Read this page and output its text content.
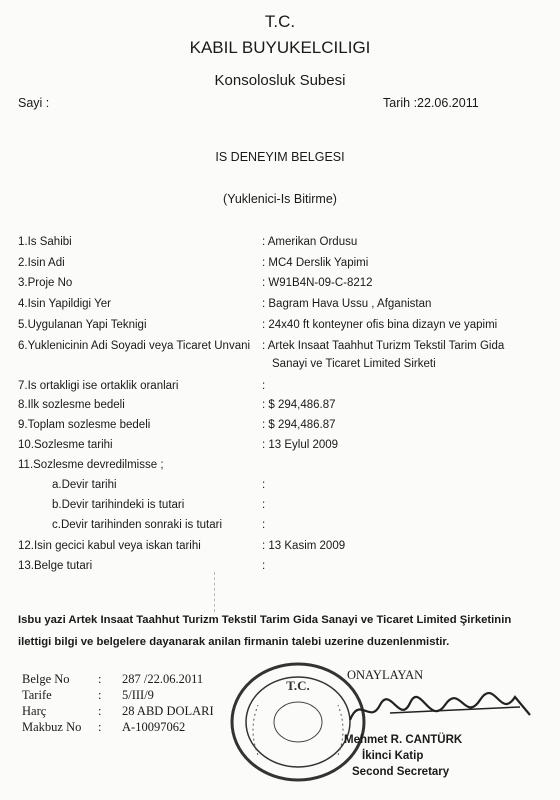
T.C.
KABIL BUYUKELCILIGI
Konsolosluk Subesi
Sayi :	Tarih :22.06.2011
IS DENEYIM BELGESI
(Yuklenici-Is Bitirme)
1.Is Sahibi	: Amerikan Ordusu
2.Isin Adi	: MC4 Derslik Yapimi
3.Proje No	: W91B4N-09-C-8212
4.Isin Yapildigi Yer	: Bagram Hava Ussu , Afganistan
5.Uygulanan Yapi Teknigi	: 24x40 ft konteyner ofis bina dizayn ve yapimi
6.Yuklenicinin Adi Soyadi veya Ticaret Unvani : Artek Insaat Taahhut Turizm Tekstil Tarim Gida
Sanayi ve Ticaret Limited Sirketi
7.Is ortakligi ise ortaklik oranlari	:
8.Ilk sozlesme bedeli	: $ 294,486.87
9.Toplam sozlesme bedeli	: $ 294,486.87
10.Sozlesme tarihi	: 13 Eylul 2009
11.Sozlesme devredilmisse ;
a.Devir tarihi	:
b.Devir tarihindeki is tutari	:
c.Devir tarihinden sonraki is tutari	:
12.Isin gecici kabul veya iskan tarihi	: 13 Kasim 2009
13.Belge tutari	:
Isbu yazi Artek Insaat Taahhut Turizm Tekstil Tarim Gida Sanayi ve Ticaret Limited Şirketinin
ilettigi bilgi ve belgelere dayanarak anilan firmanin talebi uzerine duzenlenmistir.
Belge No : 287 /22.06.2011
Tarife	: 5/III/9
Harç	: 28 ABD DOLARI
Makbuz No : A-10097062
T.C.
ONAYLAYAN
Mehmet R. CANTÜRK
İkinci Katip
Second Secretary
